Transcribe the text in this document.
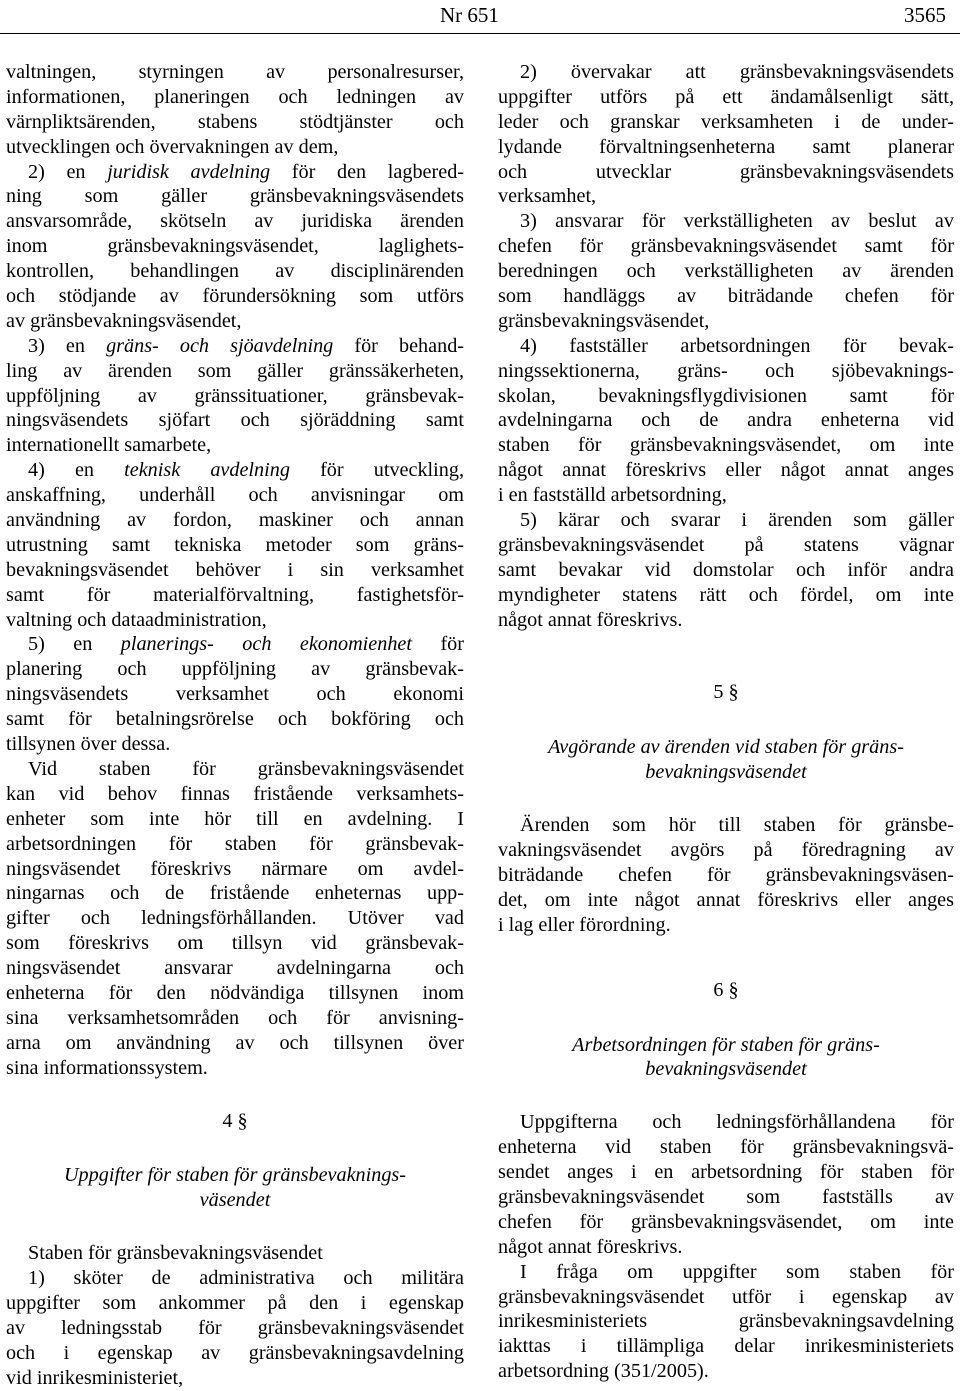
Nr 651	3565
valtningen, styrningen av personalresurser,
informationen, planeringen och ledningen av
värnpliktsärenden, stabens stödtjänster och
utvecklingen och övervakningen av dem,
2) en juridisk avdelning för den lagbered-
ning som gäller gränsbevakningsväsendets
ansvarsområde, skötseln av juridiska ärenden
inom gränsbevakningsväsendet, laglighets-
kontrollen, behandlingen av disciplinärenden
och stödjande av förundersökning som utförs
av gränsbevakningsväsendet,
3) en gräns- och sjöavdelning för behand-
ling av ärenden som gäller gränssäkerheten,
uppföljning av gränssituationer, gränsbevak-
ningsväsendets sjöfart och sjöräddning samt
internationellt samarbete,
4) en teknisk avdelning för utveckling,
anskaffning, underhåll och anvisningar om
användning av fordon, maskiner och annan
utrustning samt tekniska metoder som gräns-
bevakningsväsendet behöver i sin verksamhet
samt för materialförvaltning, fastighetsför-
valtning och dataadministration,
5) en planerings- och ekonomienhet för
planering och uppföljning av gränsbevak-
ningsväsendets verksamhet och ekonomi
samt för betalningsrörelse och bokföring och
tillsynen över dessa.
Vid staben för gränsbevakningsväsendet
kan vid behov finnas fristående verksamhets-
enheter som inte hör till en avdelning. I
arbetsordningen för staben för gränsbevak-
ningsväsendet föreskrivs närmare om avdel-
ningarnas och de fristående enheternas upp-
gifter och ledningsförhållanden. Utöver vad
som föreskrivs om tillsyn vid gränsbevak-
ningsväsendet ansvarar avdelningarna och
enheterna för den nödvändiga tillsynen inom
sina verksamhetsområden och för anvisning-
arna om användning av och tillsynen över
sina informationssystem.
4 §
Uppgifter för staben för gränsbevaknings-
väsendet
Staben för gränsbevakningsväsendet
1) sköter de administrativa och militära
uppgifter som ankommer på den i egenskap
av ledningsstab för gränsbevakningsväsendet
och i egenskap av gränsbevakningsavdelning
vid inrikesministeriet,
2) övervakar att gränsbevakningsväsendets
uppgifter utförs på ett ändamålsenligt sätt,
leder och granskar verksamheten i de under-
lydande förvaltningsenheterna samt planerar
och utvecklar gränsbevakningsväsendets
verksamhet,
3) ansvarar för verkställigheten av beslut av
chefen för gränsbevakningsväsendet samt för
beredningen och verkställigheten av ärenden
som handläggs av biträdande chefen för
gränsbevakningsväsendet,
4) fastställer arbetsordningen för bevak-
ningssektionerna, gräns- och sjöbevaknings-
skolan, bevakningsflygdivisionen samt för
avdelningarna och de andra enheterna vid
staben för gränsbevakningsväsendet, om inte
något annat föreskrivs eller något annat anges
i en fastställd arbetsordning,
5) kärar och svarar i ärenden som gäller
gränsbevakningsväsendet på statens vägnar
samt bevakar vid domstolar och inför andra
myndigheter statens rätt och fördel, om inte
något annat föreskrivs.
5 §
Avgörande av ärenden vid staben för gräns-
bevakningsväsendet
Ärenden som hör till staben för gränsbe-
vakningsväsendet avgörs på föredragning av
biträdande chefen för gränsbevakningsväsen-
det, om inte något annat föreskrivs eller anges
i lag eller förordning.
6 §
Arbetsordningen för staben för gräns-
bevakningsväsendet
Uppgifterna och ledningsförhållandena för
enheterna vid staben för gränsbevakningsvä-
sendet anges i en arbetsordning för staben för
gränsbevakningsväsendet som fastställs av
chefen för gränsbevakningsväsendet, om inte
något annat föreskrivs.
I fråga om uppgifter som staben för
gränsbevakningsväsendet utför i egenskap av
inrikesministeriets gränsbevakningsavdelning
iakttas i tillämpliga delar inrikesministeriets
arbetsordning (351/2005).
